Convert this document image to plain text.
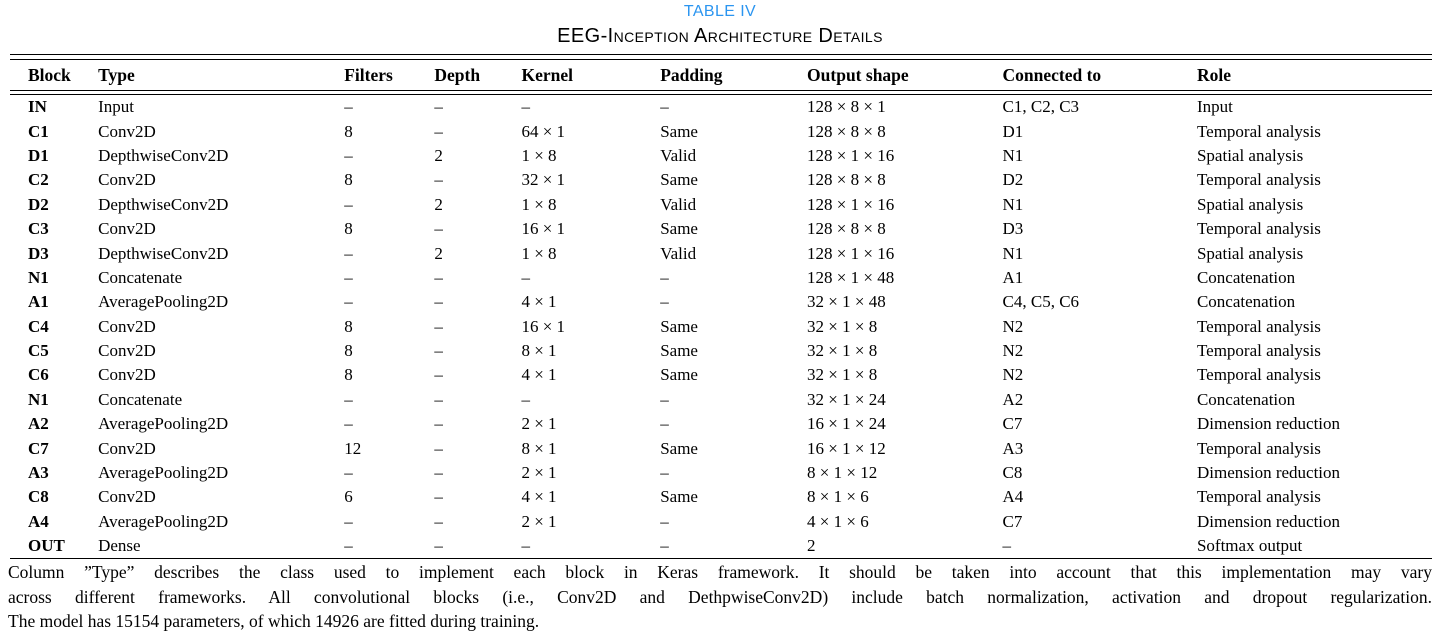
TABLE IV
EEG-Inception Architecture Details
Block	Type	Filters	Depth	Kernel	Padding	Output shape	Connected to	Role

IN	Input	–	–	–	–	128 × 8 × 1	C1, C2, C3	Input
C1	Conv2D	8	–	64 × 1	Same	128 × 8 × 8	D1	Temporal analysis
D1	DepthwiseConv2D	–	2	1 × 8	Valid	128 × 1 × 16	N1	Spatial analysis
C2	Conv2D	8	–	32 × 1	Same	128 × 8 × 8	D2	Temporal analysis
D2	DepthwiseConv2D	–	2	1 × 8	Valid	128 × 1 × 16	N1	Spatial analysis
C3	Conv2D	8	–	16 × 1	Same	128 × 8 × 8	D3	Temporal analysis
D3	DepthwiseConv2D	–	2	1 × 8	Valid	128 × 1 × 16	N1	Spatial analysis
N1	Concatenate	–	–	–	–	128 × 1 × 48	A1	Concatenation
A1	AveragePooling2D	–	–	4 × 1	–	32 × 1 × 48	C4, C5, C6	Concatenation
C4	Conv2D	8	–	16 × 1	Same	32 × 1 × 8	N2	Temporal analysis
C5	Conv2D	8	–	8 × 1	Same	32 × 1 × 8	N2	Temporal analysis
C6	Conv2D	8	–	4 × 1	Same	32 × 1 × 8	N2	Temporal analysis
N1	Concatenate	–	–	–	–	32 × 1 × 24	A2	Concatenation
A2	AveragePooling2D	–	–	2 × 1	–	16 × 1 × 24	C7	Dimension reduction
C7	Conv2D	12	–	8 × 1	Same	16 × 1 × 12	A3	Temporal analysis
A3	AveragePooling2D	–	–	2 × 1	–	8 × 1 × 12	C8	Dimension reduction
C8	Conv2D	6	–	4 × 1	Same	8 × 1 × 6	A4	Temporal analysis
A4	AveragePooling2D	–	–	2 × 1	–	4 × 1 × 6	C7	Dimension reduction
OUT	Dense	–	–	–	–	2	–	Softmax output
Column ”Type” describes the class used to implement each block in Keras framework. It should be taken into account that this implementation may vary
across different frameworks. All convolutional blocks (i.e., Conv2D and DethpwiseConv2D) include batch normalization, activation and dropout regularization.
The model has 15154 parameters, of which 14926 are fitted during training.
